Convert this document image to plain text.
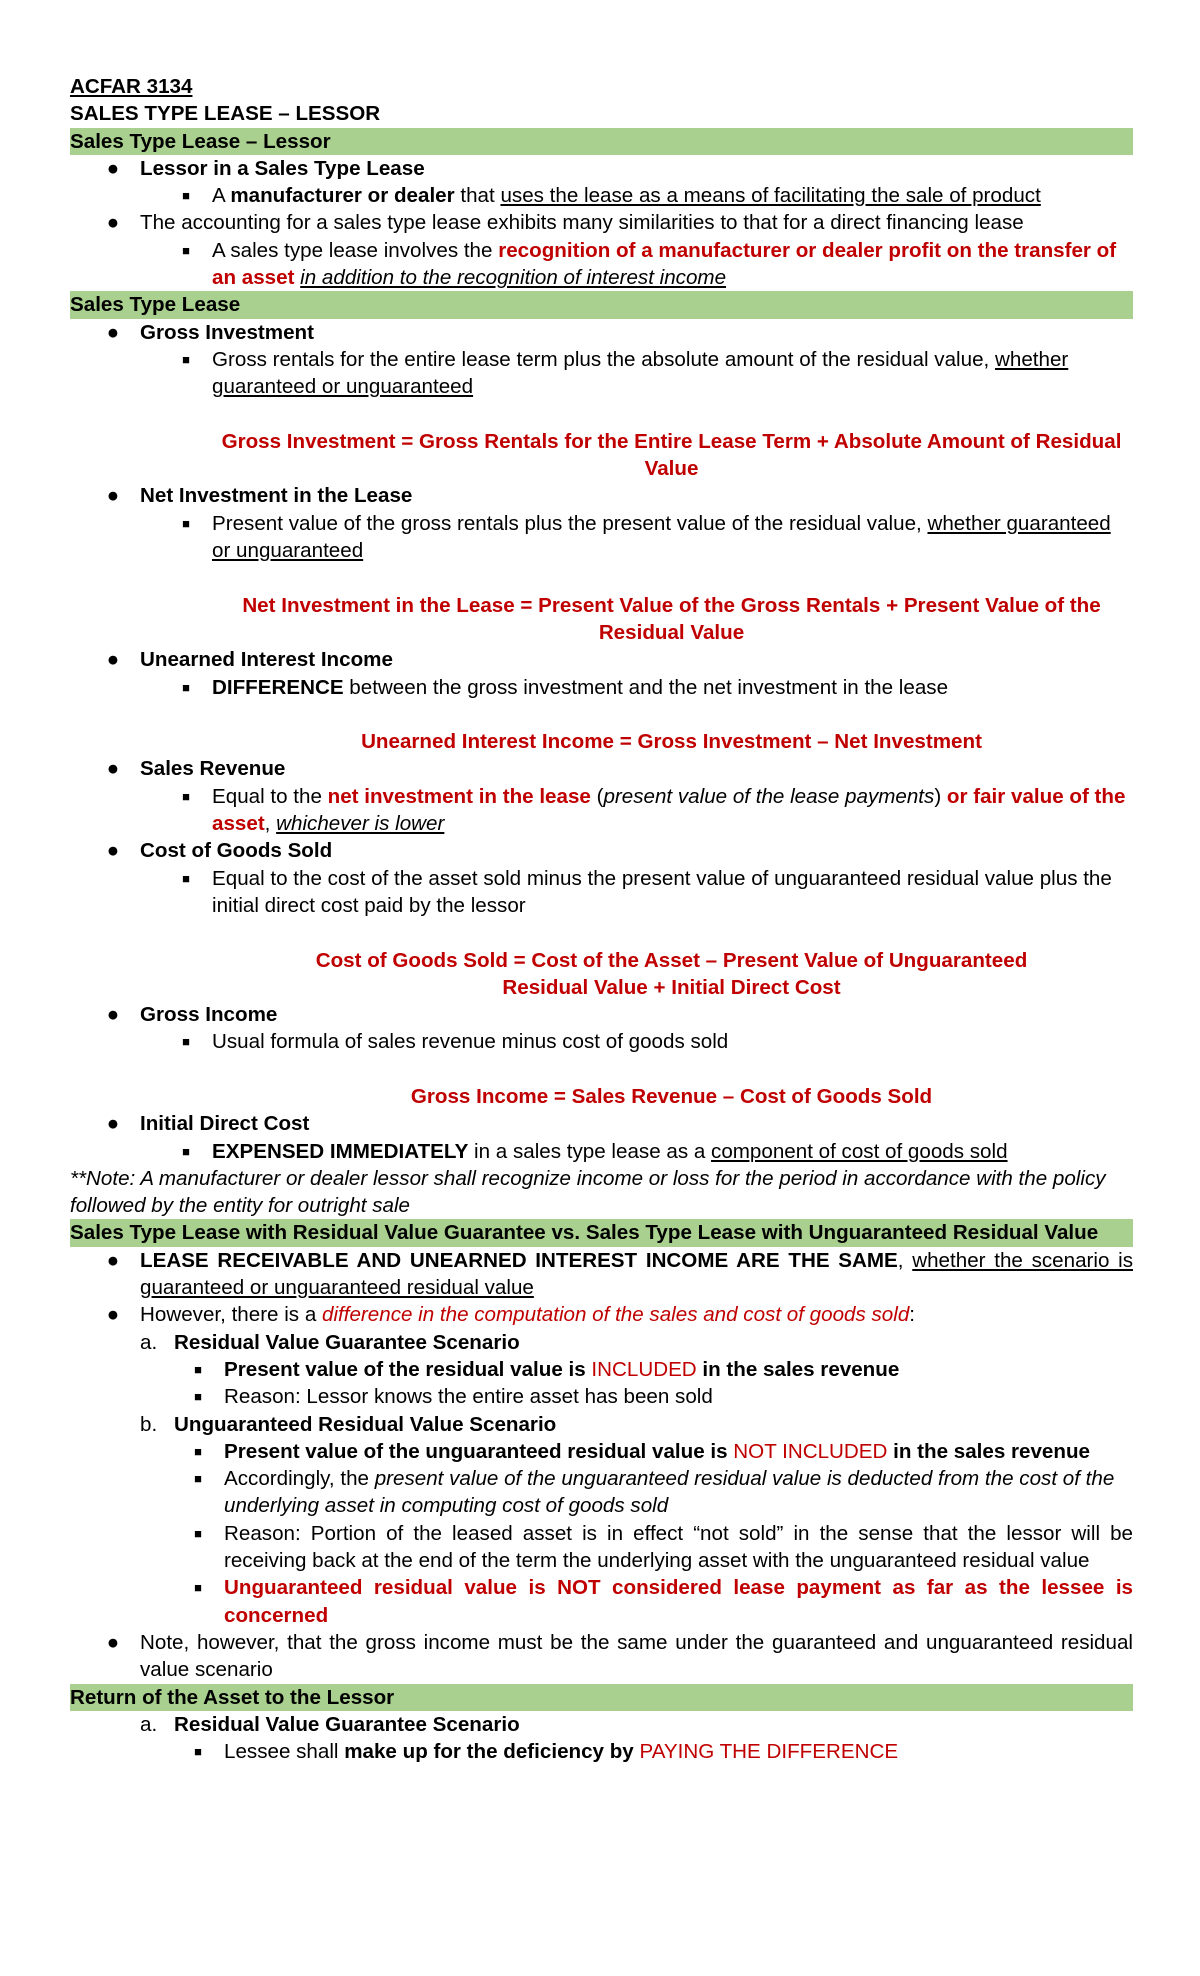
ACFAR 3134
SALES TYPE LEASE – LESSOR
Sales Type Lease – Lessor
● Lessor in a Sales Type Lease
■ A manufacturer or dealer that uses the lease as a means of facilitating the sale of product
● The accounting for a sales type lease exhibits many similarities to that for a direct financing lease
■ A sales type lease involves the recognition of a manufacturer or dealer profit on the transfer of an asset in addition to the recognition of interest income
Sales Type Lease
● Gross Investment
■ Gross rentals for the entire lease term plus the absolute amount of the residual value, whether guaranteed or unguaranteed
Gross Investment = Gross Rentals for the Entire Lease Term + Absolute Amount of Residual Value
● Net Investment in the Lease
■ Present value of the gross rentals plus the present value of the residual value, whether guaranteed or unguaranteed
Net Investment in the Lease = Present Value of the Gross Rentals + Present Value of the Residual Value
● Unearned Interest Income
■ DIFFERENCE between the gross investment and the net investment in the lease
Unearned Interest Income = Gross Investment – Net Investment
● Sales Revenue
■ Equal to the net investment in the lease (present value of the lease payments) or fair value of the asset, whichever is lower
● Cost of Goods Sold
■ Equal to the cost of the asset sold minus the present value of unguaranteed residual value plus the initial direct cost paid by the lessor
Cost of Goods Sold = Cost of the Asset – Present Value of Unguaranteed Residual Value + Initial Direct Cost
● Gross Income
■ Usual formula of sales revenue minus cost of goods sold
Gross Income = Sales Revenue – Cost of Goods Sold
● Initial Direct Cost
■ EXPENSED IMMEDIATELY in a sales type lease as a component of cost of goods sold
**Note: A manufacturer or dealer lessor shall recognize income or loss for the period in accordance with the policy followed by the entity for outright sale
Sales Type Lease with Residual Value Guarantee vs. Sales Type Lease with Unguaranteed Residual Value
● LEASE RECEIVABLE AND UNEARNED INTEREST INCOME ARE THE SAME, whether the scenario is guaranteed or unguaranteed residual value
● However, there is a difference in the computation of the sales and cost of goods sold:
a. Residual Value Guarantee Scenario
■ Present value of the residual value is INCLUDED in the sales revenue
■ Reason: Lessor knows the entire asset has been sold
b. Unguaranteed Residual Value Scenario
■ Present value of the unguaranteed residual value is NOT INCLUDED in the sales revenue
■ Accordingly, the present value of the unguaranteed residual value is deducted from the cost of the underlying asset in computing cost of goods sold
■ Reason: Portion of the leased asset is in effect “not sold” in the sense that the lessor will be receiving back at the end of the term the underlying asset with the unguaranteed residual value
■ Unguaranteed residual value is NOT considered lease payment as far as the lessee is concerned
● Note, however, that the gross income must be the same under the guaranteed and unguaranteed residual value scenario
Return of the Asset to the Lessor
a. Residual Value Guarantee Scenario
■ Lessee shall make up for the deficiency by PAYING THE DIFFERENCE
